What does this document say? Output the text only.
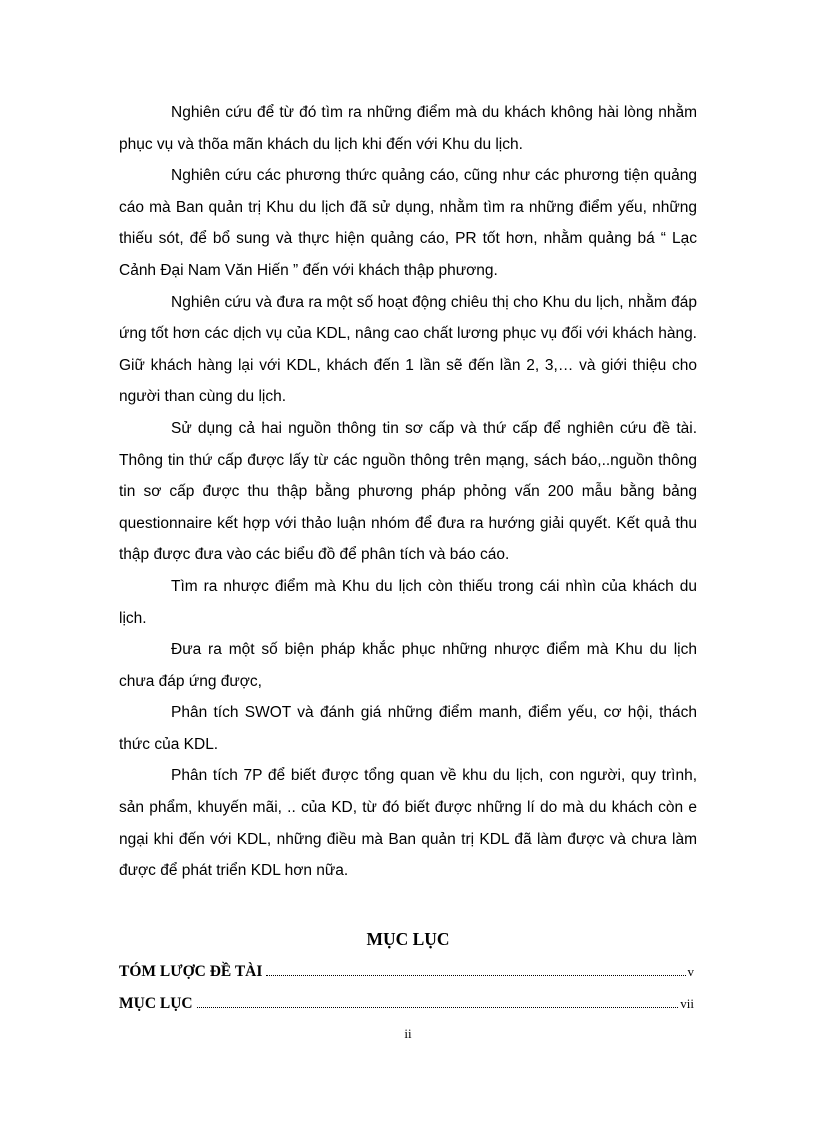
Nghiên cứu để từ đó tìm ra những điểm mà du khách không hài lòng nhằm phục vụ và thõa mãn khách du lịch khi đến với Khu du lịch.

Nghiên cứu các phương thức quảng cáo, cũng như các phương tiện quảng cáo mà Ban quản trị Khu du lịch đã sử dụng, nhằm tìm ra những điểm yếu, những thiếu sót, để bổ sung và thực hiện quảng cáo, PR tốt hơn, nhằm quảng bá “ Lạc Cảnh Đại Nam Văn Hiến ” đến với khách thập phương.

Nghiên cứu và đưa ra một số hoạt động chiêu thị cho Khu du lịch, nhằm đáp ứng tốt hơn các dịch vụ của KDL, nâng cao chất lương phục vụ đối với khách hàng. Giữ khách hàng lại với KDL, khách đến 1 lần sẽ đến lần 2, 3,… và giới thiệu cho người than cùng du lịch.

Sử dụng cả hai nguồn thông tin sơ cấp và thứ cấp để nghiên cứu đề tài. Thông tin thứ cấp được lấy từ các nguồn thông trên mạng, sách báo,..nguồn thông tin sơ cấp được thu thập bằng phương pháp phỏng vấn 200 mẫu bằng bảng questionnaire kết hợp với thảo luận nhóm để đưa ra hướng giải quyết. Kết quả thu thập được đưa vào các biểu đồ để phân tích và báo cáo.

Tìm ra nhược điểm mà Khu du lịch còn thiếu trong cái nhìn của khách du lịch.

Đưa ra một số biện pháp khắc phục những nhược điểm mà Khu du lịch chưa đáp ứng được,

Phân tích SWOT và đánh giá những điểm manh, điểm yếu, cơ hội, thách thức của KDL.

Phân tích 7P để biết được tổng quan về khu du lịch, con người, quy trình, sản phẩm, khuyến mãi, .. của KD, từ đó biết được những lí do mà du khách còn e ngại khi đến với KDL, những điều mà Ban quản trị KDL đã làm được và chưa làm được để phát triển KDL hơn nữa.

MỤC LỤC
TÓM LƯỢC ĐỀ TÀI	v
MỤC LỤC	vii

ii
